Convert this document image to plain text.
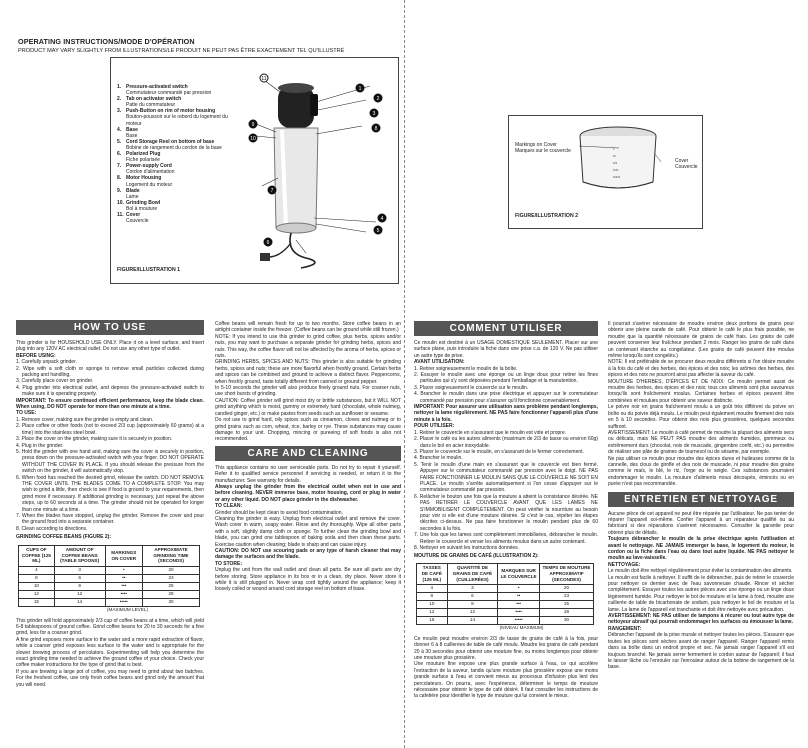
OPERATING INSTRUCTIONS/MODE D'OPÉRATION
PRODUCT MAY VARY SLIGHTLY FROM ILLUSTRATIONS/LE PRODUIT NE PEUT PAS ÊTRE EXACTEMENT TEL QU'ILLUSTRÉ
1. Pressure-activated switch
Commutateur commandé par pression
2. Tab on activator switch
Patte du commutateur
3. Push-Button on rim of motor housing
Bouton-poussoir sur le rebord du logement du moteur
4. Base
Base
5. Cord Storage Reel on bottom of base
Bobine de rangement du cordon de la base
6. Polarized Plug
Fiche polarisée
7. Power-supply Cord
Cordon d'alimentation
8. Motor Housing
Logement du moteur
9. Blade
Lame
10. Grinding Bowl
Bol à mouture
11. Cover
Couvercle
1
2
3
4
5
6
7
8
9
10
11
FIGURE/ILLUSTRATION 1
•
••
•••
••••
•••••
Markings on Cover
Marques sur le couvercle
Cover
Couvercle
FIGURE/ILLUSTRATION 2
HOW TO USE

This grinder is for HOUSEHOLD USE ONLY. Place it on a level surface, and insert plug into any 120V AC electrical outlet. Do not use any other type of outlet.

BEFORE USING:

1. Carefully unpack grinder.

2. Wipe with a soft cloth or sponge to remove small particles collected during packing and handling.

3. Carefully place cover on grinder.

4. Plug grinder into electrical outlet, and depress the pressure-activated switch to make sure it is operating properly.

IMPORTANT: To ensure continued efficient performance, keep the blade clean. When using, DO NOT operate for more than one minute at a time.

TO USE:

1. Remove cover, making sure the grinder is empty and clean.

2. Place coffee or other foods (not to exceed 2/3 cup (approximately 60 grams) at a time) into the stainless steel bowl.

3. Place the cover on the grinder, making sure it is securely in position.

4. Plug in the grinder.

5. Hold the grinder with one hand and, making sure the cover is securely in position, press down on the pressure-activated switch with your finger. DO NOT OPERATE WITHOUT THE COVER IN PLACE. If you should release the pressure from the switch on the grinder, it will automatically stop.

6. When food has reached the desired grind, release the switch. DO NOT REMOVE THE COVER UNTIL THE BLADES COME TO A COMPLETE STOP. You may wish to grind a little, then check to see if food is ground to your requirements, then grind more if necessary. If additional grinding is necessary, just repeat the above steps, up to 60 seconds at a time. The grinder should not be operated for longer than one minute at a time.

7. When the blades have stopped, unplug the grinder. Remove the cover and pour the ground food into a separate container.

8. Clean according to directions.

GRINDING COFFEE BEANS (FIGURE 2):

CUPS OF COFFEE (125 ML)	AMOUNT OF COFFEE BEANS (TABLE SPOONS)	MARKINGS ON COVER	APPROXIMATE GRINDING TIME (SECONDS)
4	3	•	20
8	6	••	23
10	9	•••	25
12	12	••••	28
15	14	•••••	30
		(MAXIMUM LEVEL)	

This grinder will hold approximately 2/3 cup of coffee beans at a time, which will yield 6-8 tablespoons of ground coffee. Grind coffee beans for 20 to 30 seconds for a fine grind, less for a coarser grind.

A fine grind exposes more surface to the water and a more rapid extraction of flavor, while a coarser grind exposes less surface to the water and is appropriate for the slower brewing process of percolators. Experimenting will help you determine the exact grinding time needed to achieve the ground coffee of your choice. Check your coffee maker instructions for the type of grind that is best.

If you are brewing a large pot of coffee, you may need to grind about two batches. For the freshest coffee, use only fresh coffee beans and grind only the amount that you will need.

Coffee beans will remain fresh for up to two months. Store coffee beans in an airtight container inside the freezer. (Coffee beans can be ground while still frozen.)

NOTE: If you intend to use this grinder to grind coffee, plus herbs, spices and/or nuts, you may want to purchase a separate grinder for grinding herbs, spices and nuts. This way, the coffee flavor will not be affected by the aroma of herbs, spices or nuts.

GRINDING HERBS, SPICES AND NUTS: This grinder is also suitable for grinding herbs, spices and nuts; these are more flavorful when freshly ground. Certain herbs and spices can be combined and ground to achieve a distinct flavor. Peppercorns, when freshly ground, taste totally different from canned or ground pepper.

In 5-10 seconds the grinder will also produce finely ground nuts. For coarser nuts, use short bursts of grinding.

CAUTION: Coffee grinder will grind most dry or brittle substances, but it WILL NOT grind anything which is moist, gummy or extremely hard (chocolate, whole nutmeg, candied ginger, etc.) or make pastes from seeds such as sunflower or sesame.

Do not use to grind hard, oily spices such as cinnamon, cloves and nutmeg or to grind grains such as corn, wheat, rice, barley or rye. These substances may cause damage to your unit. Chopping, mincing or pureeing of soft foods is also not recommended.

CARE AND CLEANING

This appliance contains no user serviceable parts. Do not try to repair it yourself. Refer it to qualified service personnel if servicing is needed, or return it to the manufacturer. See warranty for details.

Always unplug the grinder from the electrical outlet when not in use and before cleaning. NEVER immerse base, motor housing, cord or plug in water or any other liquid. DO NOT place grinder in the dishwasher.

TO CLEAN:

Grinder should be kept clean to avoid food contamination.

Cleaning the grinder is easy. Unplug from electrical outlet and remove the cover. Wash cover in warm, soapy water. Rinse and dry thoroughly. Wipe all other parts with a soft, slightly damp cloth or sponge. To further clean the grinding bowl and blade, you can grind one tablespoon of baking soda and then clean these parts. Exercise caution when cleaning; blade is sharp and can cause injury.

CAUTION: DO NOT use scouring pads or any type of harsh cleaner that may damage the surfaces and the blade.

TO STORE:

Unplug the unit from the wall outlet and clean all parts. Be sure all parts are dry before storing. Store appliance in its box or in a clean, dry place. Never store it while it is still plugged in. Never wrap cord tightly around the appliance; keep it loosely coiled or wound around cord storage reel on bottom of base.

COMMENT UTILISER

Ce moulin est destiné à un USAGE DOMESTIQUE SEULEMENT. Placer sur une surface plane, puis introduire la fiche dans une prise c.a. de 120 V. Ne pas utiliser un autre type de prise.

AVANT UTILISATION:

1. Retirer soigneusement le moulin de la boîte.

2. Essuyer le moulin avec une éponge ou un linge doux pour retirer les fines particules qui s'y sont déposées pendant l'emballage et la manutention.

3. Placer soigneusement le couvercle sur le moulin.

4. Brancher le moulin dans une prise électrique et appuyer sur le commutateur commandé par pression pour s'assurer qu'il fonctionne convenablement.

IMPORTANT: Pour assurer une utilisation sans problème pendant longtemps, nettoyer la lame régulièrement. NE PAS faire fonctionner l'appareil plus d'une minute à la fois.

POUR UTILISER:

1. Retirer le couvercle en s'assurant que le moulin est vide et propre.

2. Placer le café ou les autres aliments (maximum de 2/3 de tasse ou environ 60g) dans le bol en acier inoxydable.

3. Placer le couvercle sur le moulin, en s'assurant de le fermer correctement.

4. Brancher le moulin.

5. Tenir le moulin d'une main en s'assurant que le couvercle est bien fermé. Appuyer sur le commutateur commandé par pression avec le doigt. NE PAS FAIRE FONCTIONNER LE MOULIN SANS QUE LE COUVERCLE NE SOIT EN PLACE. Le moulin s'arrête automatiquement si l'on cesse d'appuyer sur le commutateur commandé par pression.

6. Relâcher le bouton une fois que la mouture a atteint la consistance désirée. NE PAS RETIRER LE COUVERCLE AVANT QUE LES LAMES NE S'IMMOBILISENT COMPLÈTEMENT. On peut vérifier la nourriture au besoin pour voir si elle est d'une mouture désirée. Si c'est le cas, répéter les étapes décrites ci-dessus. Ne pas faire fonctionner le moulin pendant plus de 60 secondes à la fois.

7. Une fois que les lames sont complètement immobilisées, débrancher le moulin. Retirer le couvercle et verser les aliments moulus dans un autre contenant.

8. Nettoyer en suivant les instructions données.

MOUTURE DE GRAINS DE CAFÉ (ILLUSTRATION 2):

TASSES DE CAFÉ (125 ML)	QUANTITÉ DE GRAINS DE CAFÉ (CUILLERÉES)	MARQUES SUR LE COUVERCLE	TEMPS DE MOUTURE APPROXIMATIF (SECONDES)
4	3	•	20
8	6	••	23
10	9	•••	25
12	12	••••	28
15	14	•••••	30
		(NIVEAU MAXIMUM)	

Ce moulin peut moudre environ 2/3 de tasse de grains de café à la fois, pour donner 6 à 8 cuillerées de table de café moulu. Moudre les grains de café pendant 20 à 30 secondes pour obtenir une mouture fine, ou moins longtemps pour obtenir une mouture plus grossière.

Une mouture fine expose une plus grande surface à l'eau, ce qui accélère l'extraction de la saveur, tandis qu'une mouture plus grossière expose une moins grande surface à l'eau et convient mieux au processus d'infusion plus lent des percolateurs. On pourra, avec l'expérience, déterminer le temps de mouture nécessaire pour obtenir le type de café désiré. Il faut consulter les instructions de la cafetière pour identifier le type de mouture qui lui convient le mieux.

Il pourrait s'avérer nécessaire de moudre environ deux portions de grains pour obtenir une pleine carafe de café. Pour obtenir le café le plus frais possible, ne moudre que la quantité nécessaire de grains de café frais. Les grains de café peuvent conserver leur fraîcheur pendant 2 mois. Ranger les grains de café dans un contenant étanche au congélateur. (Les grains de café peuvent être moulus même lorsqu'ils sont congelés.)

NOTE: Il est préférable de se procurer deux moulins différents si l'on désire moudre à la fois du café et des herbes, des épices et des noix; les arômes des herbes, des épices et des noix ne pourront ainsi pas affecter la saveur du café.

MOUTURE D'HERBES, D'ÉPICES ET DE NOIX: Ce moulin permet aussi de moudre des herbes, des épices et des noix; tous ces aliments sont plus savoureux lorsqu'ils sont fraîchement moulus. Certaines herbes et épices peuvent être combinées et moulues pour obtenir une saveur distincte.

Le poivre noir en grains fraîchement moulu a un goût très différent du poivre en boîte ou du poivre déjà moulu. Le moulin peut également moudre finement des noix en 5 à 10 secondes. Pour obtenir des noix plus grossières, quelques secondes suffiront.

AVERTISSEMENT: Le moulin à café permet de moudre la plupart des aliments secs ou délicats, mais NE PEUT PAS moudre des aliments humides, gommeux ou extrêmement durs (chocolat, noix de muscade, gingembre confit, etc.) ou permettre de réaliser une pâte de graines de tournesol ou de sésame, par exemple.

Ne pas utiliser ce moulin pour moudre des épices dures et huileuses comme de la cannelle, des clous de girofle et des noix de muscade, ni pour moudre des grains comme le maïs, le blé, le riz, l'orge ou le seigle. Ces substances pourraient endommager le moulin. La mouture d'aliments mous découpés, émincés ou en purée n'est pas recommandée.

ENTRETIEN ET NETTOYAGE

Aucune pièce de cet appareil ne peut être réparée par l'utilisateur. Ne pas tenter de réparer l'appareil soi-même. Confier l'appareil à un réparateur qualifié ou au fabricant si des réparations s'avèrent nécessaires. Consulter la garantie pour obtenir plus de détails.

Toujours débrancher le moulin de la prise électrique après l'utilisation et avant le nettoyage. NE JAMAIS immerger la base, le logement du moteur, le cordon ou la fiche dans l'eau ou dans tout autre liquide. NE PAS nettoyer le moulin au lave-vaisselle.

NETTOYAGE:

Le moulin doit être nettoyé régulièrement pour éviter la contamination des aliments.

Le moulin est facile à nettoyer. Il suffit de le débrancher, puis de retirer le couvercle pour nettoyer ce dernier avec de l'eau savonneuse chaude. Rincer et sécher complètement. Essuyer toutes les autres pièces avec une éponge ou un linge doux légèrement humide. Pour nettoyer le bol de mouture et la lame à fond, moudre une cuillerée de table de bicarbonate de sodium, puis nettoyer le bol de mouture et la lame. La lame de l'appareil est tranchante et doit être nettoyée avec précaution.

AVERTISSEMENT: NE PAS utiliser de tampons à récurer ou tout autre type de nettoyeur abrasif qui pourrait endommager les surfaces ou émousser la lame.

RANGEMENT:

Débrancher l'appareil de la prise murale et nettoyer toutes les pièces. S'assurer que toutes les pièces sont sèches avant de ranger l'appareil. Ranger l'appareil remis dans sa boîte dans un endroit propre et sec. Ne jamais ranger l'appareil s'il est toujours branché. Ne jamais serrer fermement le cordon autour de l'appareil; il faut le laisser lâche ou l'enrouler sur l'enrouleur autour de la bobine de rangement de la base.
